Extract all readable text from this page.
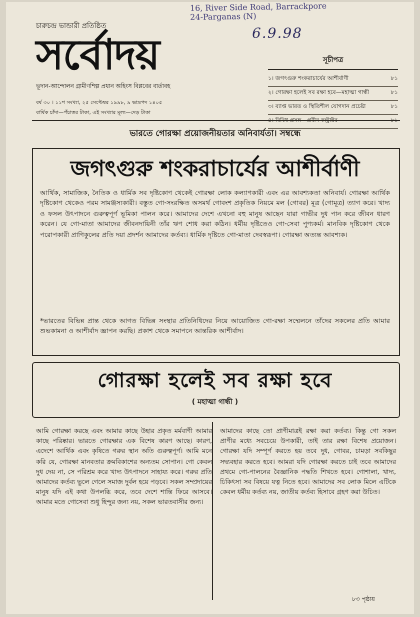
16, River Side Road, Barrackpore
24-Parganas (N)
6.9.98
চারুচন্দ্র ভান্ডারী প্রতিষ্ঠিত
সর্বোদয়
ভূদান-আন্দোলন গ্রামীণশিল্প প্রধান অহিংস বিপ্লবের বার্তাবহ
বর্ষ ৩০ । ১১শ সংখ্যা, ২৫ সেপ্টেম্বর ১৯৯৮, ৯ ভাদ্রপদ ১৪০৫
বার্ষিক চাঁদা—পঁচাত্তর টাকা, এই সংখ্যার মূল্য—দেড় টাকা
সূচীপত্র
১। জগৎগুরু শংকরাচার্যের আশীর্বাণী	৮১
২। গোরক্ষা হলেই সব রক্ষা হবে—মহাত্মা গান্ধী	৮১
৩। ব্যাপ্ত ভারত ও স্থিতিশীল যোগদান প্রচেষ্টা	৮১
৪। বিবিধ প্রসঙ্গ—প্রবীন কন্ট্রাক্টর	৮১
ভারতে গোরক্ষা প্রয়োজনীয়তার অনিবার্যতা। সম্বন্ধে
জগৎগুরু শংকরাচার্যের আশীর্বাণী
আর্থিক, সামাজিক, নৈতিক ও ধার্মিক সব দৃষ্টিকোণ থেকেই গোরক্ষা লোক কল্যাণকারী এবং এর আবশ্যকতা অনিবার্য। গোরক্ষা আর্থিক দৃষ্টিকোণ থেকেও পরম সামঞ্জস্যকারী। বস্তুত গো-সংরক্ষিত অসমর্থ গোবংশ প্রকৃতিক নিয়মে মল (গোবর) মূত্র (গোমূত্র) ত্যাগ করে। খাদ্য ও ফসল উৎপাদনে গুরুত্বপূর্ণ ভূমিকা পালন করে। আমাদের দেশে এখনো বহু মানুষ আছেন যারা গাভীর দুধ পান করে জীবন ধারণ করেন। যে গো-মাতা আমাদের জীবনদায়িনী তাঁর ঋণ শোধ করা কঠিন। ধর্মীয় দৃষ্টিতেও গো-সেবা পুণ্যকর্ম। মানবিক দৃষ্টিকোণ থেকে পরোপকারী প্রাণিকুলের প্রতি দয়া প্রদর্শন আমাদের কর্তব্য। ধার্মিক দৃষ্টিতে গো-মাতা দেবস্বরূপা। গোরক্ষা অত্যন্ত আবশ্যক।
*ভারতের বিভিন্ন প্রান্ত থেকে আগত বিভিন্ন সংস্থার প্রতিনিধিদের নিয়ে আয়োজিত গো-রক্ষা সম্মেলনে তাঁদের সকলের প্রতি আমার শুভকামনা ও আশীর্বাদ জ্ঞাপন করছি। প্রকাশ থেকে সমাপনে আন্তরিক আশীর্বাদ।
গোরক্ষা হলেই সব রক্ষা হবে
( মহাত্মা গান্ধী )
আমি গোরক্ষা করছে এবং আমার কাছে উহার প্রকৃত মর্মবাণী আমার কাছে পরিষ্কার। ভারতে গোরক্ষার এক বিশেষ কারণ আছে। কারণ, এদেশে আর্থিক এবং কৃষিতে গরুর স্থান অতি গুরুত্বপূর্ণ। আমি মনে করি যে, গোরক্ষা মানবতার ক্রমবিকাশের অন্যতম সোপান। গো কেবল দুধ দেয় না, সে পরিশ্রম করে খাদ্য উৎপাদনে সাহায্য করে। গরুর প্রতি আমাদের কর্তব্য ভুলে গেলে সমাজ দুর্বল হয়ে পড়বে। সকল সম্প্রদায়ের মানুষ যদি এই কথা উপলব্ধি করে, তবে দেশে শান্তি ফিরে আসবে। আমার মতে গোসেবা শুধু হিন্দুর জন্য নয়, সকল ভারতবাসীর জন্য।
আমাদের কাছে তো প্রাণীমাত্রই রক্ষা করা কর্তব্য। কিন্তু গো সকল প্রাণীর মধ্যে সবচেয়ে উপকারী, তাই তার রক্ষা বিশেষ প্রয়োজন। গোরক্ষা যদি সম্পূর্ণ করতে হয় তবে দুধ, গোবর, চামড়া সবকিছুর সদ্ব্যবহার করতে হবে। আমরা যদি গোরক্ষা করতে চাই তবে আমাদের প্রথমে গো-পালনের বৈজ্ঞানিক পদ্ধতি শিখতে হবে। গোশালা, খাদ্য, চিকিৎসা সব বিষয়ে যত্ন নিতে হবে। আমাদের সব লোক মিলে এটিকে কেবল ধর্মীয় কর্তব্য নয়, জাতীয় কর্তব্য হিসাবে গ্রহণ করা উচিত।
৮৩ পৃষ্ঠায়
